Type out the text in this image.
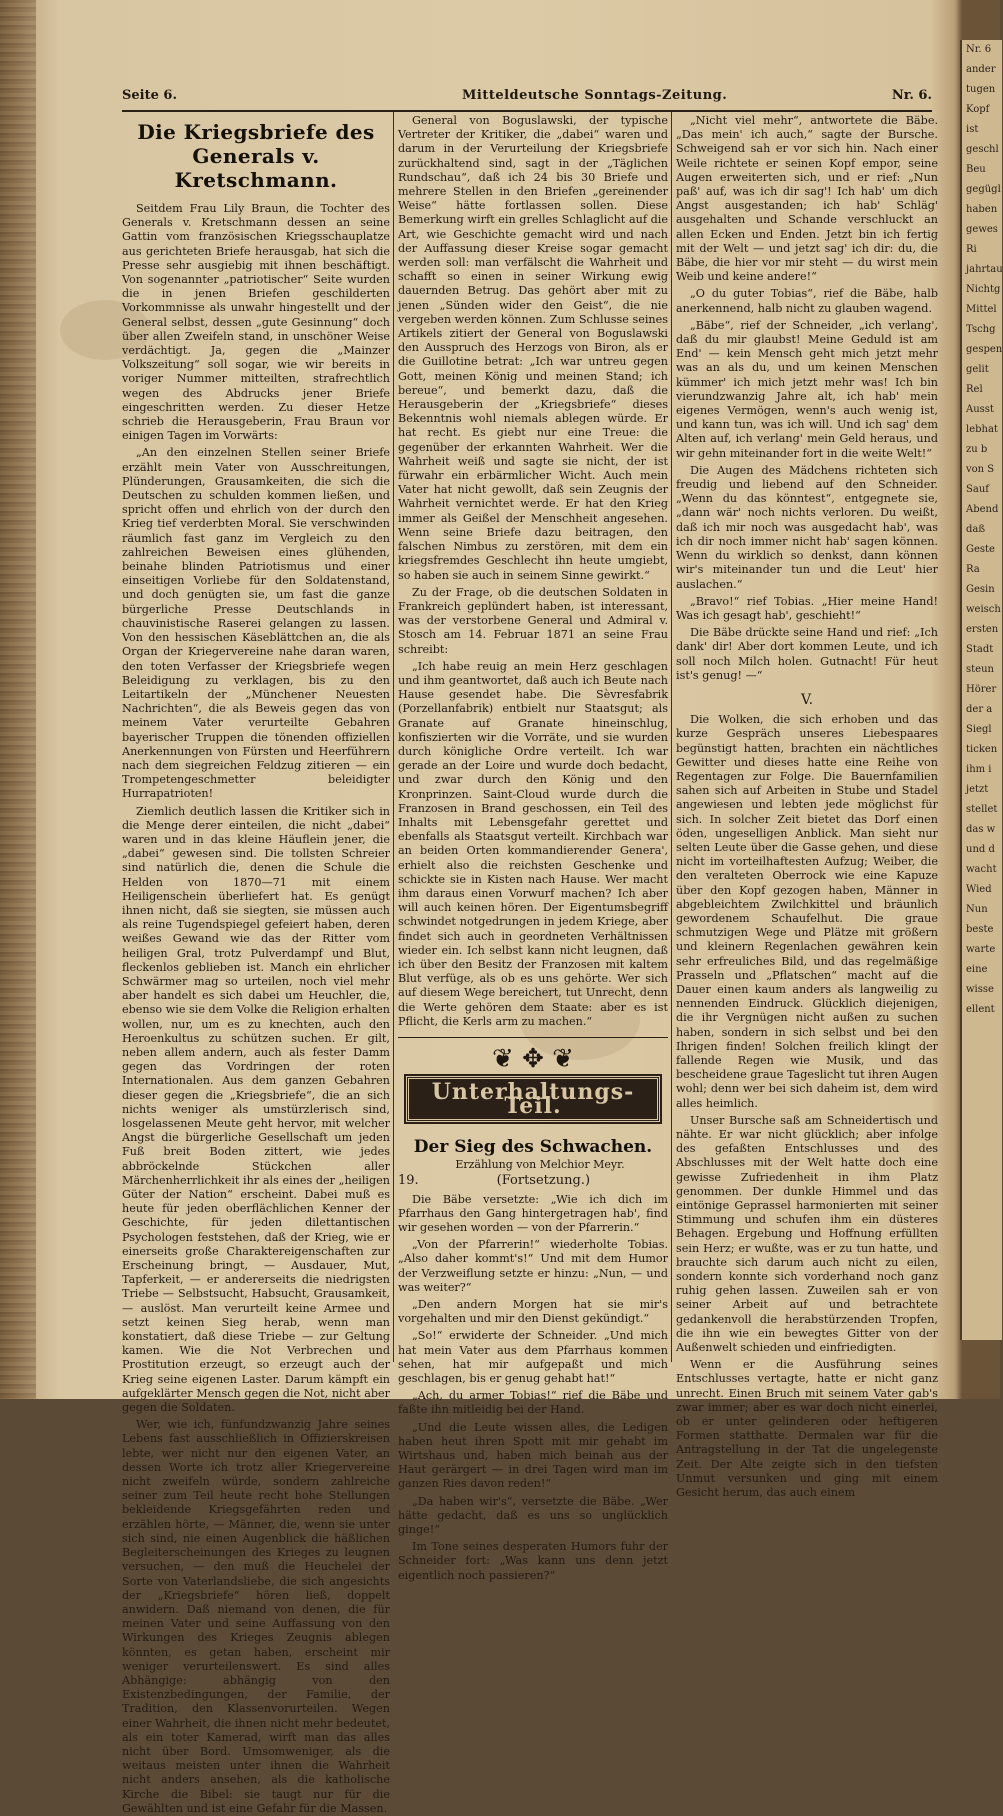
Nr. 6
ander
tugen
Kopf
ist
geschl
Beu
gegügl
haben
gewes
Ri
jahrtau
Nichtg
Mittel
Tschg
gespen
gelit
Rel
Ausst
lebhat
zu b
von S
Sauf
Abend
daß
Geste
Ra
Gesin
weisch
ersten
Stadt
steun
Hörer
der a
Siegl
ticken
ihm i
jetzt
stellet
das w
und d
wacht
Wied
Nun
beste
warte
eine
wisse
ellent
Seite 6.	Mitteldeutsche Sonntags-Zeitung.	Nr. 6.
Die Kriegsbriefe des Generals v. Kretschmann.

Seitdem Frau Lily Braun, die Tochter des Generals v. Kretschmann dessen an seine Gattin vom französischen Kriegsschauplatze aus gerichteten Briefe herausgab, hat sich die Presse sehr ausgiebig mit ihnen beschäftigt. Von sogenannter „patriotischer“ Seite wurden die in jenen Briefen geschilderten Vorkommnisse als unwahr hingestellt und der General selbst, dessen „gute Gesinnung“ doch über allen Zweifeln stand, in unschöner Weise verdächtigt. Ja, gegen die „Mainzer Volkszeitung“ soll sogar, wie wir bereits in voriger Nummer mitteilten, strafrechtlich wegen des Abdrucks jener Briefe eingeschritten werden. Zu dieser Hetze schrieb die Herausgeberin, Frau Braun vor einigen Tagen im Vorwärts:

„An den einzelnen Stellen seiner Briefe erzählt mein Vater von Ausschreitungen, Plünderungen, Grausamkeiten, die sich die Deutschen zu schulden kommen ließen, und spricht offen und ehrlich von der durch den Krieg tief verderbten Moral. Sie verschwinden räumlich fast ganz im Vergleich zu den zahlreichen Beweisen eines glühenden, beinahe blinden Patriotismus und einer einseitigen Vorliebe für den Soldatenstand, und doch genügten sie, um fast die ganze bürgerliche Presse Deutschlands in chauvinistische Raserei gelangen zu lassen. Von den hessischen Käseblättchen an, die als Organ der Kriegervereine nahe daran waren, den toten Verfasser der Kriegsbriefe wegen Beleidigung zu verklagen, bis zu den Leitartikeln der „Münchener Neuesten Nachrichten“, die als Beweis gegen das von meinem Vater verurteilte Gebahren bayerischer Truppen die tönenden offiziellen Anerkennungen von Fürsten und Heerführern nach dem siegreichen Feldzug zitieren — ein Trompetengeschmetter beleidigter Hurrapatrioten!

Ziemlich deutlich lassen die Kritiker sich in die Menge derer einteilen, die nicht „dabei“ waren und in das kleine Häuflein jener, die „dabei“ gewesen sind. Die tollsten Schreier sind natürlich die, denen die Schule die Helden von 1870—71 mit einem Heiligenschein überliefert hat. Es genügt ihnen nicht, daß sie siegten, sie müssen auch als reine Tugendspiegel gefeiert haben, deren weißes Gewand wie das der Ritter vom heiligen Gral, trotz Pulverdampf und Blut, fleckenlos geblieben ist. Manch ein ehrlicher Schwärmer mag so urteilen, noch viel mehr aber handelt es sich dabei um Heuchler, die, ebenso wie sie dem Volke die Religion erhalten wollen, nur, um es zu knechten, auch den Heroenkultus zu schützen suchen. Er gilt, neben allem andern, auch als fester Damm gegen das Vordringen der roten Internationalen. Aus dem ganzen Gebahren dieser gegen die „Kriegsbriefe“, die an sich nichts weniger als umstürzlerisch sind, losgelassenen Meute geht hervor, mit welcher Angst die bürgerliche Gesellschaft um jeden Fuß breit Boden zittert, wie jedes abbröckelnde Stückchen aller Märchenherrlichkeit ihr als eines der „heiligen Güter der Nation“ erscheint. Dabei muß es heute für jeden oberflächlichen Kenner der Geschichte, für jeden dilettantischen Psychologen feststehen, daß der Krieg, wie er einerseits große Charaktereigenschaften zur Erscheinung bringt, — Ausdauer, Mut, Tapferkeit, — er andererseits die niedrigsten Triebe — Selbstsucht, Habsucht, Grausamkeit, — auslöst. Man verurteilt keine Armee und setzt keinen Sieg herab, wenn man konstatiert, daß diese Triebe — zur Geltung kamen. Wie die Not Verbrechen und Prostitution erzeugt, so erzeugt auch der Krieg seine eigenen Laster. Darum kämpft ein aufgeklärter Mensch gegen die Not, nicht aber gegen die Soldaten.

Wer, wie ich, fünfundzwanzig Jahre seines Lebens fast ausschließlich in Offizierskreisen lebte, wer nicht nur den eigenen Vater, an dessen Worte ich trotz aller Kriegervereine nicht zweifeln würde, sondern zahlreiche seiner zum Teil heute recht hohe Stellungen bekleidende Kriegsgefährten reden und erzählen hörte, — Männer, die, wenn sie unter sich sind, nie einen Augenblick die häßlichen Begleiterscheinungen des Krieges zu leugnen versuchen, — den muß die Heuchelei der Sorte von Vaterlandsliebe, die sich angesichts der „Kriegsbriefe“ hören ließ, doppelt anwidern. Daß niemand von denen, die für meinen Vater und seine Auffassung von den Wirkungen des Krieges Zeugnis ablegen könnten, es getan haben, erscheint mir weniger verurteilenswert. Es sind alles Abhängige: abhängig von den Existenzbedingungen, der Familie, der Tradition, den Klassenvorurteilen. Wegen einer Wahrheit, die ihnen nicht mehr bedeutet, als ein toter Kamerad, wirft man das alles nicht über Bord. Umsomweniger, als die weitaus meisten unter ihnen die Wahrheit nicht anders ansehen, als die katholische Kirche die Bibel: sie taugt nur für die Gewählten und ist eine Gefahr für die Massen.

General von Boguslawski, der typische Vertreter der Kritiker, die „dabei“ waren und darum in der Verurteilung der Kriegsbriefe zurückhaltend sind, sagt in der „Täglichen Rundschau“, daß ich 24 bis 30 Briefe und mehrere Stellen in den Briefen „gereinender Weise“ hätte fortlassen sollen. Diese Bemerkung wirft ein grelles Schlaglicht auf die Art, wie Geschichte gemacht wird und nach der Auffassung dieser Kreise sogar gemacht werden soll: man verfälscht die Wahrheit und schafft so einen in seiner Wirkung ewig dauernden Betrug. Das gehört aber mit zu jenen „Sünden wider den Geist“, die nie vergeben werden können. Zum Schlusse seines Artikels zitiert der General von Boguslawski den Ausspruch des Herzogs von Biron, als er die Guillotine betrat: „Ich war untreu gegen Gott, meinen König und meinen Stand; ich bereue“, und bemerkt dazu, daß die Herausgeberin der „Kriegsbriefe“ dieses Bekenntnis wohl niemals ablegen würde. Er hat recht. Es giebt nur eine Treue: die gegenüber der erkannten Wahrheit. Wer die Wahrheit weiß und sagte sie nicht, der ist fürwahr ein erbärmlicher Wicht. Auch mein Vater hat nicht gewollt, daß sein Zeugnis der Wahrheit vernichtet werde. Er hat den Krieg immer als Geißel der Menschheit angesehen. Wenn seine Briefe dazu beitragen, den falschen Nimbus zu zerstören, mit dem ein kriegsfremdes Geschlecht ihn heute umgiebt, so haben sie auch in seinem Sinne gewirkt.“

Zu der Frage, ob die deutschen Soldaten in Frankreich geplündert haben, ist interessant, was der verstorbene General und Admiral v. Stosch am 14. Februar 1871 an seine Frau schreibt:

„Ich habe reuig an mein Herz geschlagen und ihm geantwortet, daß auch ich Beute nach Hause gesendet habe. Die Sèvresfabrik (Porzellanfabrik) entbielt nur Staatsgut; als Granate auf Granate hineinschlug, konfiszierten wir die Vorräte, und sie wurden durch königliche Ordre verteilt. Ich war gerade an der Loire und wurde doch bedacht, und zwar durch den König und den Kronprinzen. Saint-Cloud wurde durch die Franzosen in Brand geschossen, ein Teil des Inhalts mit Lebensgefahr gerettet und ebenfalls als Staatsgut verteilt. Kirchbach war an beiden Orten kommandierender Genera', erhielt also die reichsten Geschenke und schickte sie in Kisten nach Hause. Wer macht ihm daraus einen Vorwurf machen? Ich aber will auch keinen hören. Der Eigentumsbegriff schwindet notgedrungen in jedem Kriege, aber findet sich auch in geordneten Verhältnissen wieder ein. Ich selbst kann nicht leugnen, daß ich über den Besitz der Franzosen mit kaltem Blut verfüge, als ob es uns gehörte. Wer sich auf diesem Wege bereichert, tut Unrecht, denn die Werte gehören dem Staate: aber es ist Pflicht, die Kerls arm zu machen.“

❦ ✥ ❦
Unterhaltungs-Teil.
Der Sieg des Schwachen.

Erzählung von Melchior Meyr.

19.	(Fortsetzung.)

Die Bäbe versetzte: „Wie ich dich im Pfarrhaus den Gang hintergetragen hab', find wir gesehen worden — von der Pfarrerin.“

„Von der Pfarrerin!“ wiederholte Tobias. „Also daher kommt's!“ Und mit dem Humor der Verzweiflung setzte er hinzu: „Nun, — und was weiter?“

„Den andern Morgen hat sie mir's vorgehalten und mir den Dienst gekündigt.“

„So!“ erwiderte der Schneider. „Und mich hat mein Vater aus dem Pfarrhaus kommen sehen, hat mir aufgepaßt und mich geschlagen, bis er genug gehabt hat!“

„Ach, du armer Tobias!“ rief die Bäbe und faßte ihn mitleidig bei der Hand.

„Und die Leute wissen alles, die Ledigen haben heut ihren Spott mit mir gehabt im Wirtshaus und, haben mich beinah aus der Haut gerärgert — in drei Tagen wird man im ganzen Ries davon reden!“

„Da haben wir's“, versetzte die Bäbe. „Wer hätte gedacht, daß es uns so unglücklich ginge!“

Im Tone seines desperaten Humors fuhr der Schneider fort: „Was kann uns denn jetzt eigentlich noch passieren?“

„Nicht viel mehr“, antwortete die Bäbe. „Das mein' ich auch,“ sagte der Bursche. Schweigend sah er vor sich hin. Nach einer Weile richtete er seinen Kopf empor, seine Augen erweiterten sich, und er rief: „Nun paß' auf, was ich dir sag'! Ich hab' um dich Angst ausgestanden; ich hab' Schläg' ausgehalten und Schande verschluckt an allen Ecken und Enden. Jetzt bin ich fertig mit der Welt — und jetzt sag' ich dir: du, die Bäbe, die hier vor mir steht — du wirst mein Weib und keine andere!“

„O du guter Tobias“, rief die Bäbe, halb anerkennend, halb nicht zu glauben wagend.

„Bäbe“, rief der Schneider, „ich verlang', daß du mir glaubst! Meine Geduld ist am End' — kein Mensch geht mich jetzt mehr was an als du, und um keinen Menschen kümmer' ich mich jetzt mehr was! Ich bin vierundzwanzig Jahre alt, ich hab' mein eigenes Vermögen, wenn's auch wenig ist, und kann tun, was ich will. Und ich sag' dem Alten auf, ich verlang' mein Geld heraus, und wir gehn miteinander fort in die weite Welt!“

Die Augen des Mädchens richteten sich freudig und liebend auf den Schneider. „Wenn du das könntest“, entgegnete sie, „dann wär' noch nichts verloren. Du weißt, daß ich mir noch was ausgedacht hab', was ich dir noch immer nicht hab' sagen können. Wenn du wirklich so denkst, dann können wir's miteinander tun und die Leut' hier auslachen.“

„Bravo!“ rief Tobias. „Hier meine Hand! Was ich gesagt hab', geschieht!“

Die Bäbe drückte seine Hand und rief: „Ich dank' dir! Aber dort kommen Leute, und ich soll noch Milch holen. Gutnacht! Für heut ist's genug! —“

V.

Die Wolken, die sich erhoben und das kurze Gespräch unseres Liebespaares begünstigt hatten, brachten ein nächtliches Gewitter und dieses hatte eine Reihe von Regentagen zur Folge. Die Bauernfamilien sahen sich auf Arbeiten in Stube und Stadel angewiesen und lebten jede möglichst für sich. In solcher Zeit bietet das Dorf einen öden, ungeselligen Anblick. Man sieht nur selten Leute über die Gasse gehen, und diese nicht im vorteilhaftesten Aufzug; Weiber, die den veralteten Oberrock wie eine Kapuze über den Kopf gezogen haben, Männer in abgebleichtem Zwilchkittel und bräunlich gewordenem Schaufelhut. Die graue schmutzigen Wege und Plätze mit größern und kleinern Regenlachen gewähren kein sehr erfreuliches Bild, und das regelmäßige Prasseln und „Pflatschen“ macht auf die Dauer einen kaum anders als langweilig zu nennenden Eindruck. Glücklich diejenigen, die ihr Vergnügen nicht außen zu suchen haben, sondern in sich selbst und bei den Ihrigen finden! Solchen freilich klingt der fallende Regen wie Musik, und das bescheidene graue Tageslicht tut ihren Augen wohl; denn wer bei sich daheim ist, dem wird alles heimlich.

Unser Bursche saß am Schneidertisch und nähte. Er war nicht glücklich; aber infolge des gefaßten Entschlusses und des Abschlusses mit der Welt hatte doch eine gewisse Zufriedenheit in ihm Platz genommen. Der dunkle Himmel und das eintönige Geprassel harmonierten mit seiner Stimmung und schufen ihm ein düsteres Behagen. Ergebung und Hoffnung erfüllten sein Herz; er wußte, was er zu tun hatte, und brauchte sich darum auch nicht zu eilen, sondern konnte sich vorderhand noch ganz ruhig gehen lassen. Zuweilen sah er von seiner Arbeit auf und betrachtete gedankenvoll die herabstürzenden Tropfen, die ihn wie ein bewegtes Gitter von der Außenwelt schieden und einfriedigten.

Wenn er die Ausführung seines Entschlusses vertagte, hatte er nicht ganz unrecht. Einen Bruch mit seinem Vater gab's zwar immer; aber es war doch nicht einerlei, ob er unter gelinderen oder heftigeren Formen statthatte. Dermalen war für die Antragstellung in der Tat die ungelegenste Zeit. Der Alte zeigte sich in den tiefsten Unmut versunken und ging mit einem Gesicht herum, das auch einem
